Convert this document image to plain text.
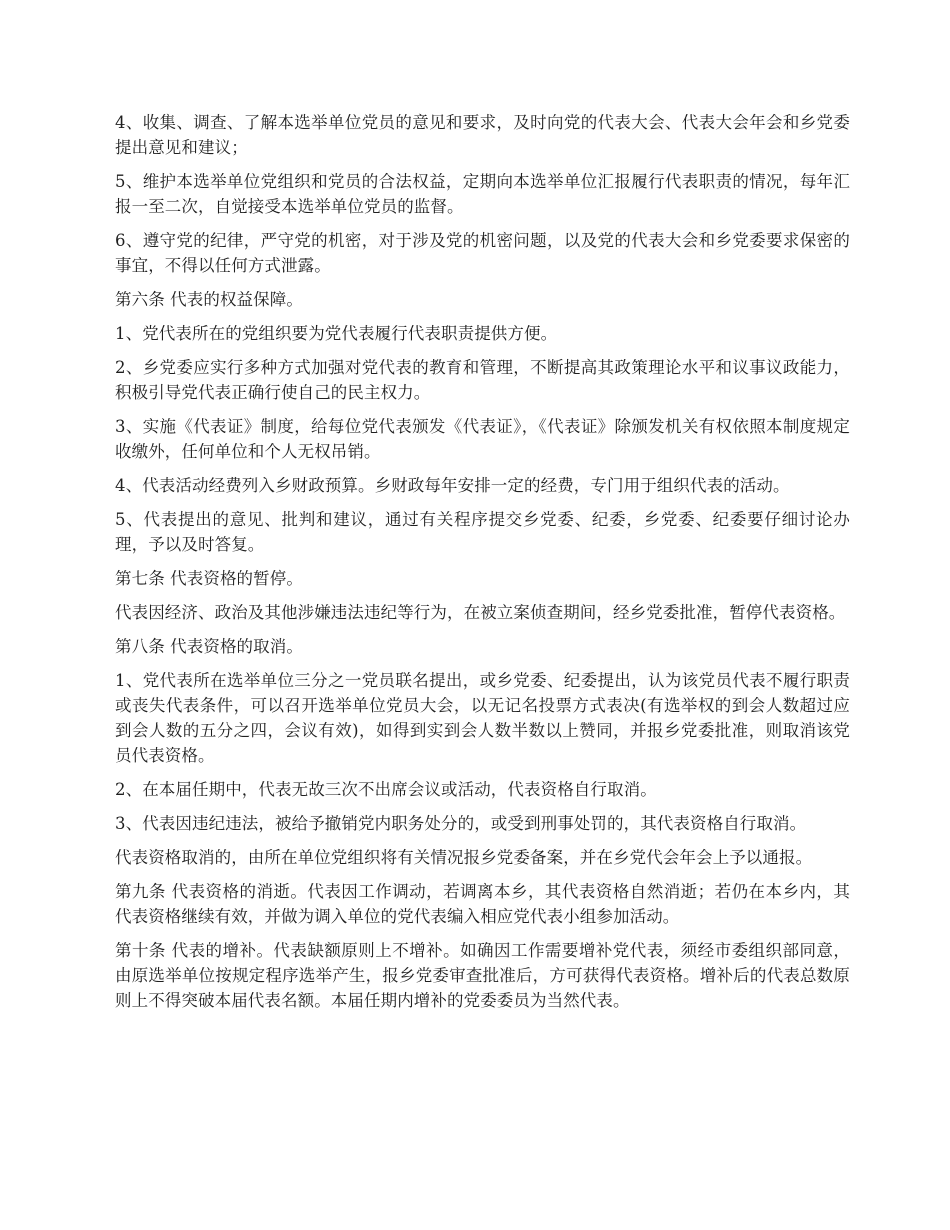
4、收集、调查、了解本选举单位党员的意见和要求，及时向党的代表大会、代表大会年会和乡党委提出意见和建议；

5、维护本选举单位党组织和党员的合法权益，定期向本选举单位汇报履行代表职责的情况，每年汇报一至二次，自觉接受本选举单位党员的监督。

6、遵守党的纪律，严守党的机密，对于涉及党的机密问题，以及党的代表大会和乡党委要求保密的事宜，不得以任何方式泄露。

第六条 代表的权益保障。

1、党代表所在的党组织要为党代表履行代表职责提供方便。

2、乡党委应实行多种方式加强对党代表的教育和管理，不断提高其政策理论水平和议事议政能力，积极引导党代表正确行使自己的民主权力。

3、实施《代表证》制度，给每位党代表颁发《代表证》，《代表证》除颁发机关有权依照本制度规定收缴外，任何单位和个人无权吊销。

4、代表活动经费列入乡财政预算。乡财政每年安排一定的经费，专门用于组织代表的活动。

5、代表提出的意见、批判和建议，通过有关程序提交乡党委、纪委，乡党委、纪委要仔细讨论办理，予以及时答复。

第七条 代表资格的暂停。

代表因经济、政治及其他涉嫌违法违纪等行为，在被立案侦查期间，经乡党委批准，暂停代表资格。

第八条 代表资格的取消。

1、党代表所在选举单位三分之一党员联名提出，或乡党委、纪委提出，认为该党员代表不履行职责或丧失代表条件，可以召开选举单位党员大会，以无记名投票方式表决(有选举权的到会人数超过应到会人数的五分之四，会议有效)，如得到实到会人数半数以上赞同，并报乡党委批准，则取消该党员代表资格。

2、在本届任期中，代表无故三次不出席会议或活动，代表资格自行取消。

3、代表因违纪违法，被给予撤销党内职务处分的，或受到刑事处罚的，其代表资格自行取消。

代表资格取消的，由所在单位党组织将有关情况报乡党委备案，并在乡党代会年会上予以通报。

第九条 代表资格的消逝。代表因工作调动，若调离本乡，其代表资格自然消逝；若仍在本乡内，其代表资格继续有效，并做为调入单位的党代表编入相应党代表小组参加活动。

第十条 代表的增补。代表缺额原则上不增补。如确因工作需要增补党代表，须经市委组织部同意，由原选举单位按规定程序选举产生，报乡党委审查批准后，方可获得代表资格。增补后的代表总数原则上不得突破本届代表名额。本届任期内增补的党委委员为当然代表。
